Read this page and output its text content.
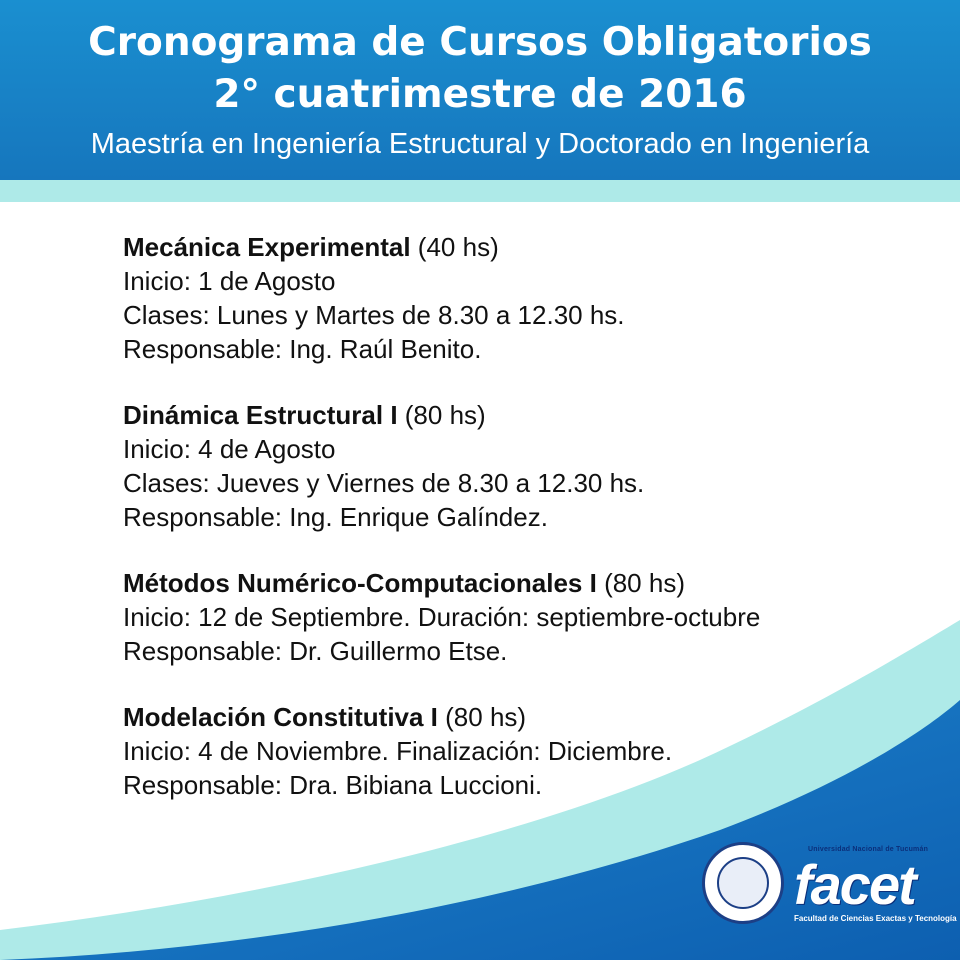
Cronograma de Cursos Obligatorios
2° cuatrimestre de 2016
Maestría en Ingeniería Estructural y Doctorado en Ingeniería
Mecánica Experimental (40 hs)
Inicio: 1 de Agosto
Clases: Lunes y Martes de 8.30 a 12.30 hs.
Responsable: Ing. Raúl Benito.
Dinámica Estructural I (80 hs)
Inicio: 4 de Agosto
Clases: Jueves y Viernes de 8.30 a 12.30 hs.
Responsable: Ing. Enrique Galíndez.
Métodos Numérico-Computacionales I (80 hs)
Inicio: 12 de Septiembre. Duración: septiembre-octubre
Responsable: Dr. Guillermo Etse.
Modelación Constitutiva I (80 hs)
Inicio: 4 de Noviembre. Finalización: Diciembre.
Responsable: Dra. Bibiana Luccioni.
Universidad Nacional de Tucumán
facet
Facultad de Ciencias Exactas y Tecnología
